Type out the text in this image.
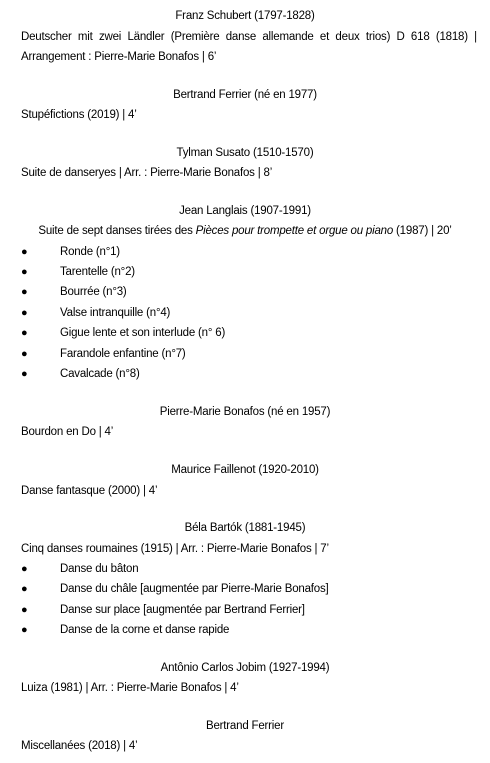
Franz Schubert (1797-1828)
Deutscher mit zwei Ländler (Première danse allemande et deux trios) D 618 (1818) |
Arrangement : Pierre-Marie Bonafos | 6’
Bertrand Ferrier (né en 1977)
Stupéfictions (2019) | 4’
Tylman Susato (1510-1570)
Suite de danseryes | Arr. : Pierre-Marie Bonafos | 8’
Jean Langlais (1907-1991)
Suite de sept danses tirées des Pièces pour trompette et orgue ou piano (1987) | 20’
●	Ronde (n°1)
●	Tarentelle (n°2)
●	Bourrée (n°3)
●	Valse intranquille (n°4)
●	Gigue lente et son interlude (n° 6)
●	Farandole enfantine (n°7)
●	Cavalcade (n°8)
Pierre-Marie Bonafos (né en 1957)
Bourdon en Do | 4’
Maurice Faillenot (1920-2010)
Danse fantasque (2000) | 4’
Béla Bartók (1881-1945)
Cinq danses roumaines (1915) | Arr. : Pierre-Marie Bonafos | 7’
●	Danse du bâton
●	Danse du châle [augmentée par Pierre-Marie Bonafos]
●	Danse sur place [augmentée par Bertrand Ferrier]
●	Danse de la corne et danse rapide
Antônio Carlos Jobim (1927-1994)
Luiza (1981) | Arr. : Pierre-Marie Bonafos | 4’
Bertrand Ferrier
Miscellanées (2018) | 4’
